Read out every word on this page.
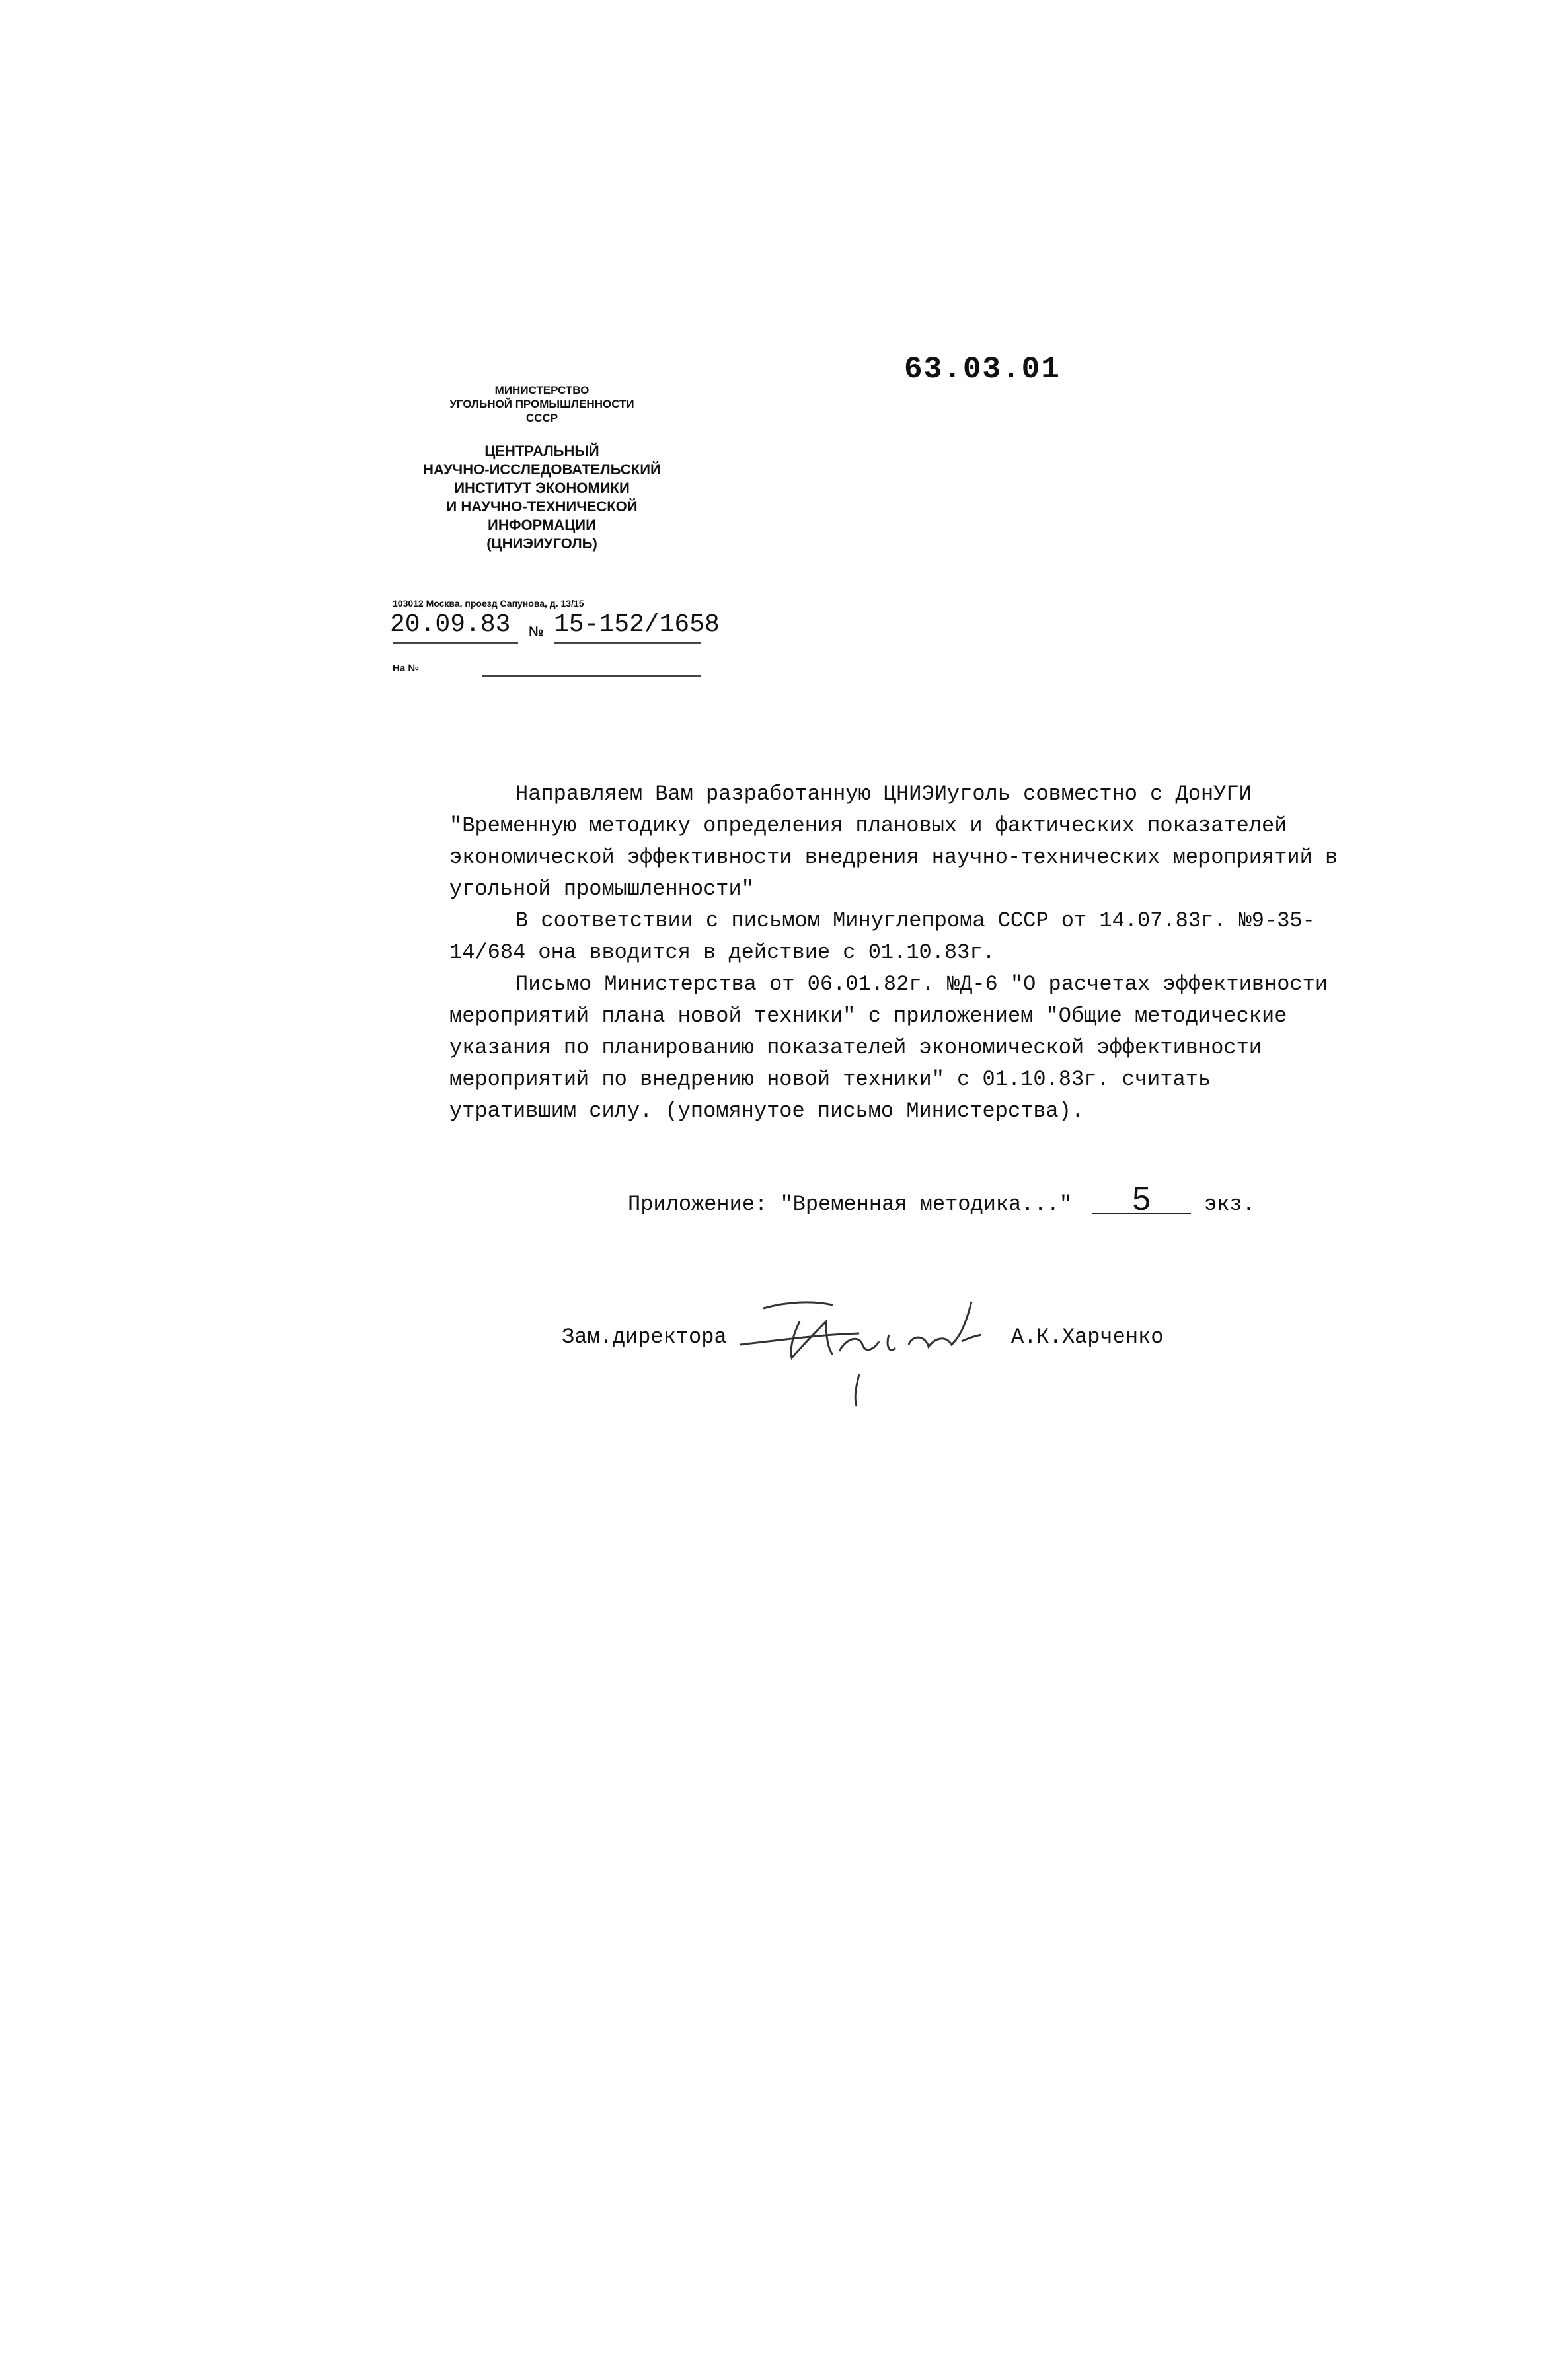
63.03.01
МИНИСТЕРСТВО
УГОЛЬНОЙ ПРОМЫШЛЕННОСТИ
СССР
ЦЕНТРАЛЬНЫЙ
НАУЧНО-ИССЛЕДОВАТЕЛЬСКИЙ
ИНСТИТУТ ЭКОНОМИКИ
И НАУЧНО-ТЕХНИЧЕСКОЙ
ИНФОРМАЦИИ
(ЦНИЭИУГОЛЬ)
103012 Москва, проезд Сапунова, д. 13/15
20.09.83 № 15-152/1658
На №

Направляем Вам разработанную ЦНИЭИуголь совместно с ДонУГИ "Временную методику определения плановых и фактических показателей экономической эффективности внедрения научно-технических мероприятий в угольной промышленности"

В соответствии с письмом Минуглепрома СССР от 14.07.83г. №9-35-14/684 она вводится в действие с 01.10.83г.

Письмо Министерства от 06.01.82г. №Д-6 "О расчетах эффективности мероприятий плана новой техники" с приложением "Общие методические указания по планированию показателей экономической эффективности мероприятий по внедрению новой техники" с 01.10.83г. считать утратившим силу. (упомянутое письмо Министерства).

Приложение: "Временная методика..." 5	экз.
Зам.директора	А.К.Харченко
